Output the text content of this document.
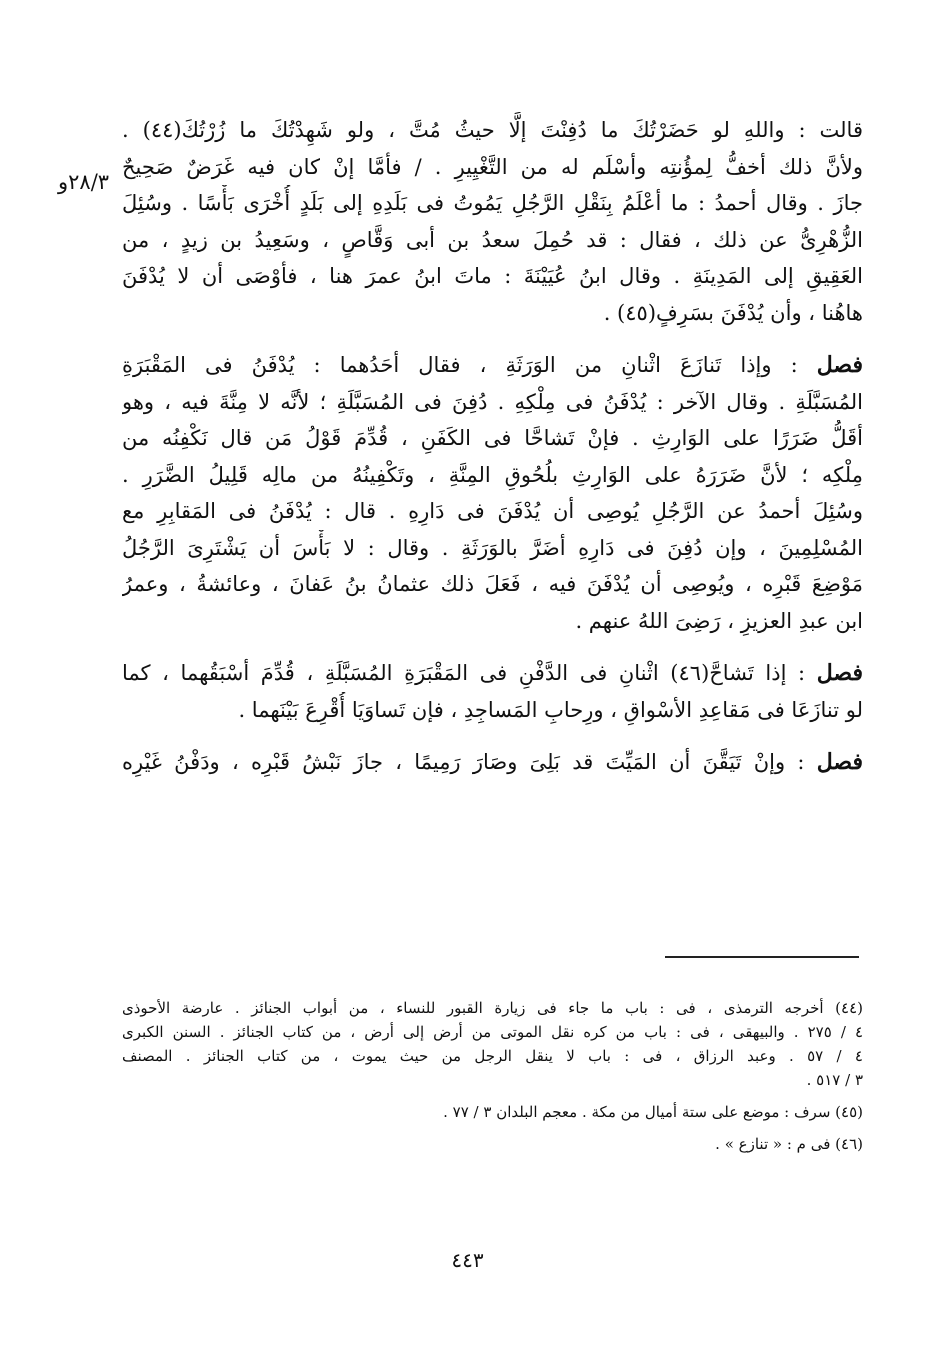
٢٨/٣و
قالت : واللهِ لو حَضَرْتُكَ ما دُفِنْتَ إلَّا حيثُ مُتَّ ، ولو شَهِدْتُكَ ما زُرْتُكَ(٤٤) .
ولأنَّ ذلك أخفُّ لِمؤُنتِه وأسْلَم له من التَّغْيِيرِ . / فأمَّا إنْ كان فيه غَرَضٌ صَحِيحٌ
جازَ . وقال أحمدُ : ما أعْلَمُ بِنَقْلِ الرَّجُلِ يَمُوتُ فى بَلَدِهِ إلى بَلَدٍ أُخْرَى بَأْسًا . وسُئِلَ
الزُّهْرِىُّ عن ذلك ، فقال : قد حُمِلَ سعدُ بن أبى وَقَّاصٍ ، وسَعِيدُ بن زيدٍ ، من
العَقِيقِ إلى المَدِينَةِ . وقال ابنُ عُيَيْنَةَ : ماتَ ابنُ عمرَ هنا ، فأوْصَى أن لا يُدْفَنَ
هاهُنا ، وأن يُدْفَنَ بسَرِفٍ(٤٥) .
فصل : وإذا تَنازَعَ اثْنانِ من الوَرَثَةِ ، فقال أحَدُهما : يُدْفَنُ فى المَقْبَرَةِ
المُسَبَّلَةِ . وقال الآخر : يُدْفَنُ فى مِلْكِهِ . دُفِنَ فى المُسَبَّلَةِ ؛ لأنَّه لا مِنَّةَ فيه ، وهو
أقَلُّ ضَرَرًا على الوَارِثِ . فإنْ تَشاحَّا فى الكَفَنِ ، قُدِّمَ قَوْلُ مَن قال نَكْفِنُه من
مِلْكِه ؛ لأنَّ ضَرَرَهُ على الوَارِثِ بلُحُوقِ المِنَّةِ ، وتَكْفِينُهُ من مالِه قَلِيلُ الضَّرَرِ .
وسُئِلَ أحمدُ عن الرَّجُلِ يُوصِى أن يُدْفَنَ فى دَارِهِ . قال : يُدْفَنُ فى المَقابِرِ مع
المُسْلِمِينَ ، وإن دُفِنَ فى دَارِهِ أضَرَّ بالوَرَثَةِ . وقال : لا بَأْسَ أن يَشْتَرِىَ الرَّجُلُ
مَوْضِعَ قَبْرِه ، ويُوصِى أن يُدْفَنَ فيه ، فَعَلَ ذلك عثمانُ بنُ عَفانَ ، وعائشةُ ، وعمرُ
ابن عبدِ العزيزِ ، رَضِىَ اللهُ عنهم .
فصل : إذا تَشاحَّ(٤٦) اثْنانِ فى الدَّفْنِ فى المَقْبَرَةِ المُسَبَّلَةِ ، قُدِّمَ أسْبَقُهما ، كما
لو تنازَعَا فى مَقاعِدِ الأسْواقِ ، ورِحابِ المَساجِدِ ، فإن تَساوَيَا أُقْرِعَ بَيْنَهما .
فصل : وإنْ تَيَقَّنَ أن المَيِّتَ قد بَلِىَ وصَارَ رَمِيمًا ، جازَ نَبْشُ قَبْرِه ، ودَفْنُ غَيْرِه
(٤٤) أخرجه الترمذى ، فى : باب ما جاء فى زيارة القبور للنساء ، من أبواب الجنائز . عارضة الأحوذى
٤ / ٢٧٥ . والبيهقى ، فى : باب من كره نقل الموتى من أرض إلى أرض ، من كتاب الجنائز . السنن الكبرى
٤ / ٥٧ . وعبد الرزاق ، فى : باب لا ينقل الرجل من حيث يموت ، من كتاب الجنائز . المصنف
٣ / ٥١٧ .
(٤٥) سرف : موضع على ستة أميال من مكة . معجم البلدان ٣ / ٧٧ .
(٤٦) فى م : « تنازع » .
٤٤٣
